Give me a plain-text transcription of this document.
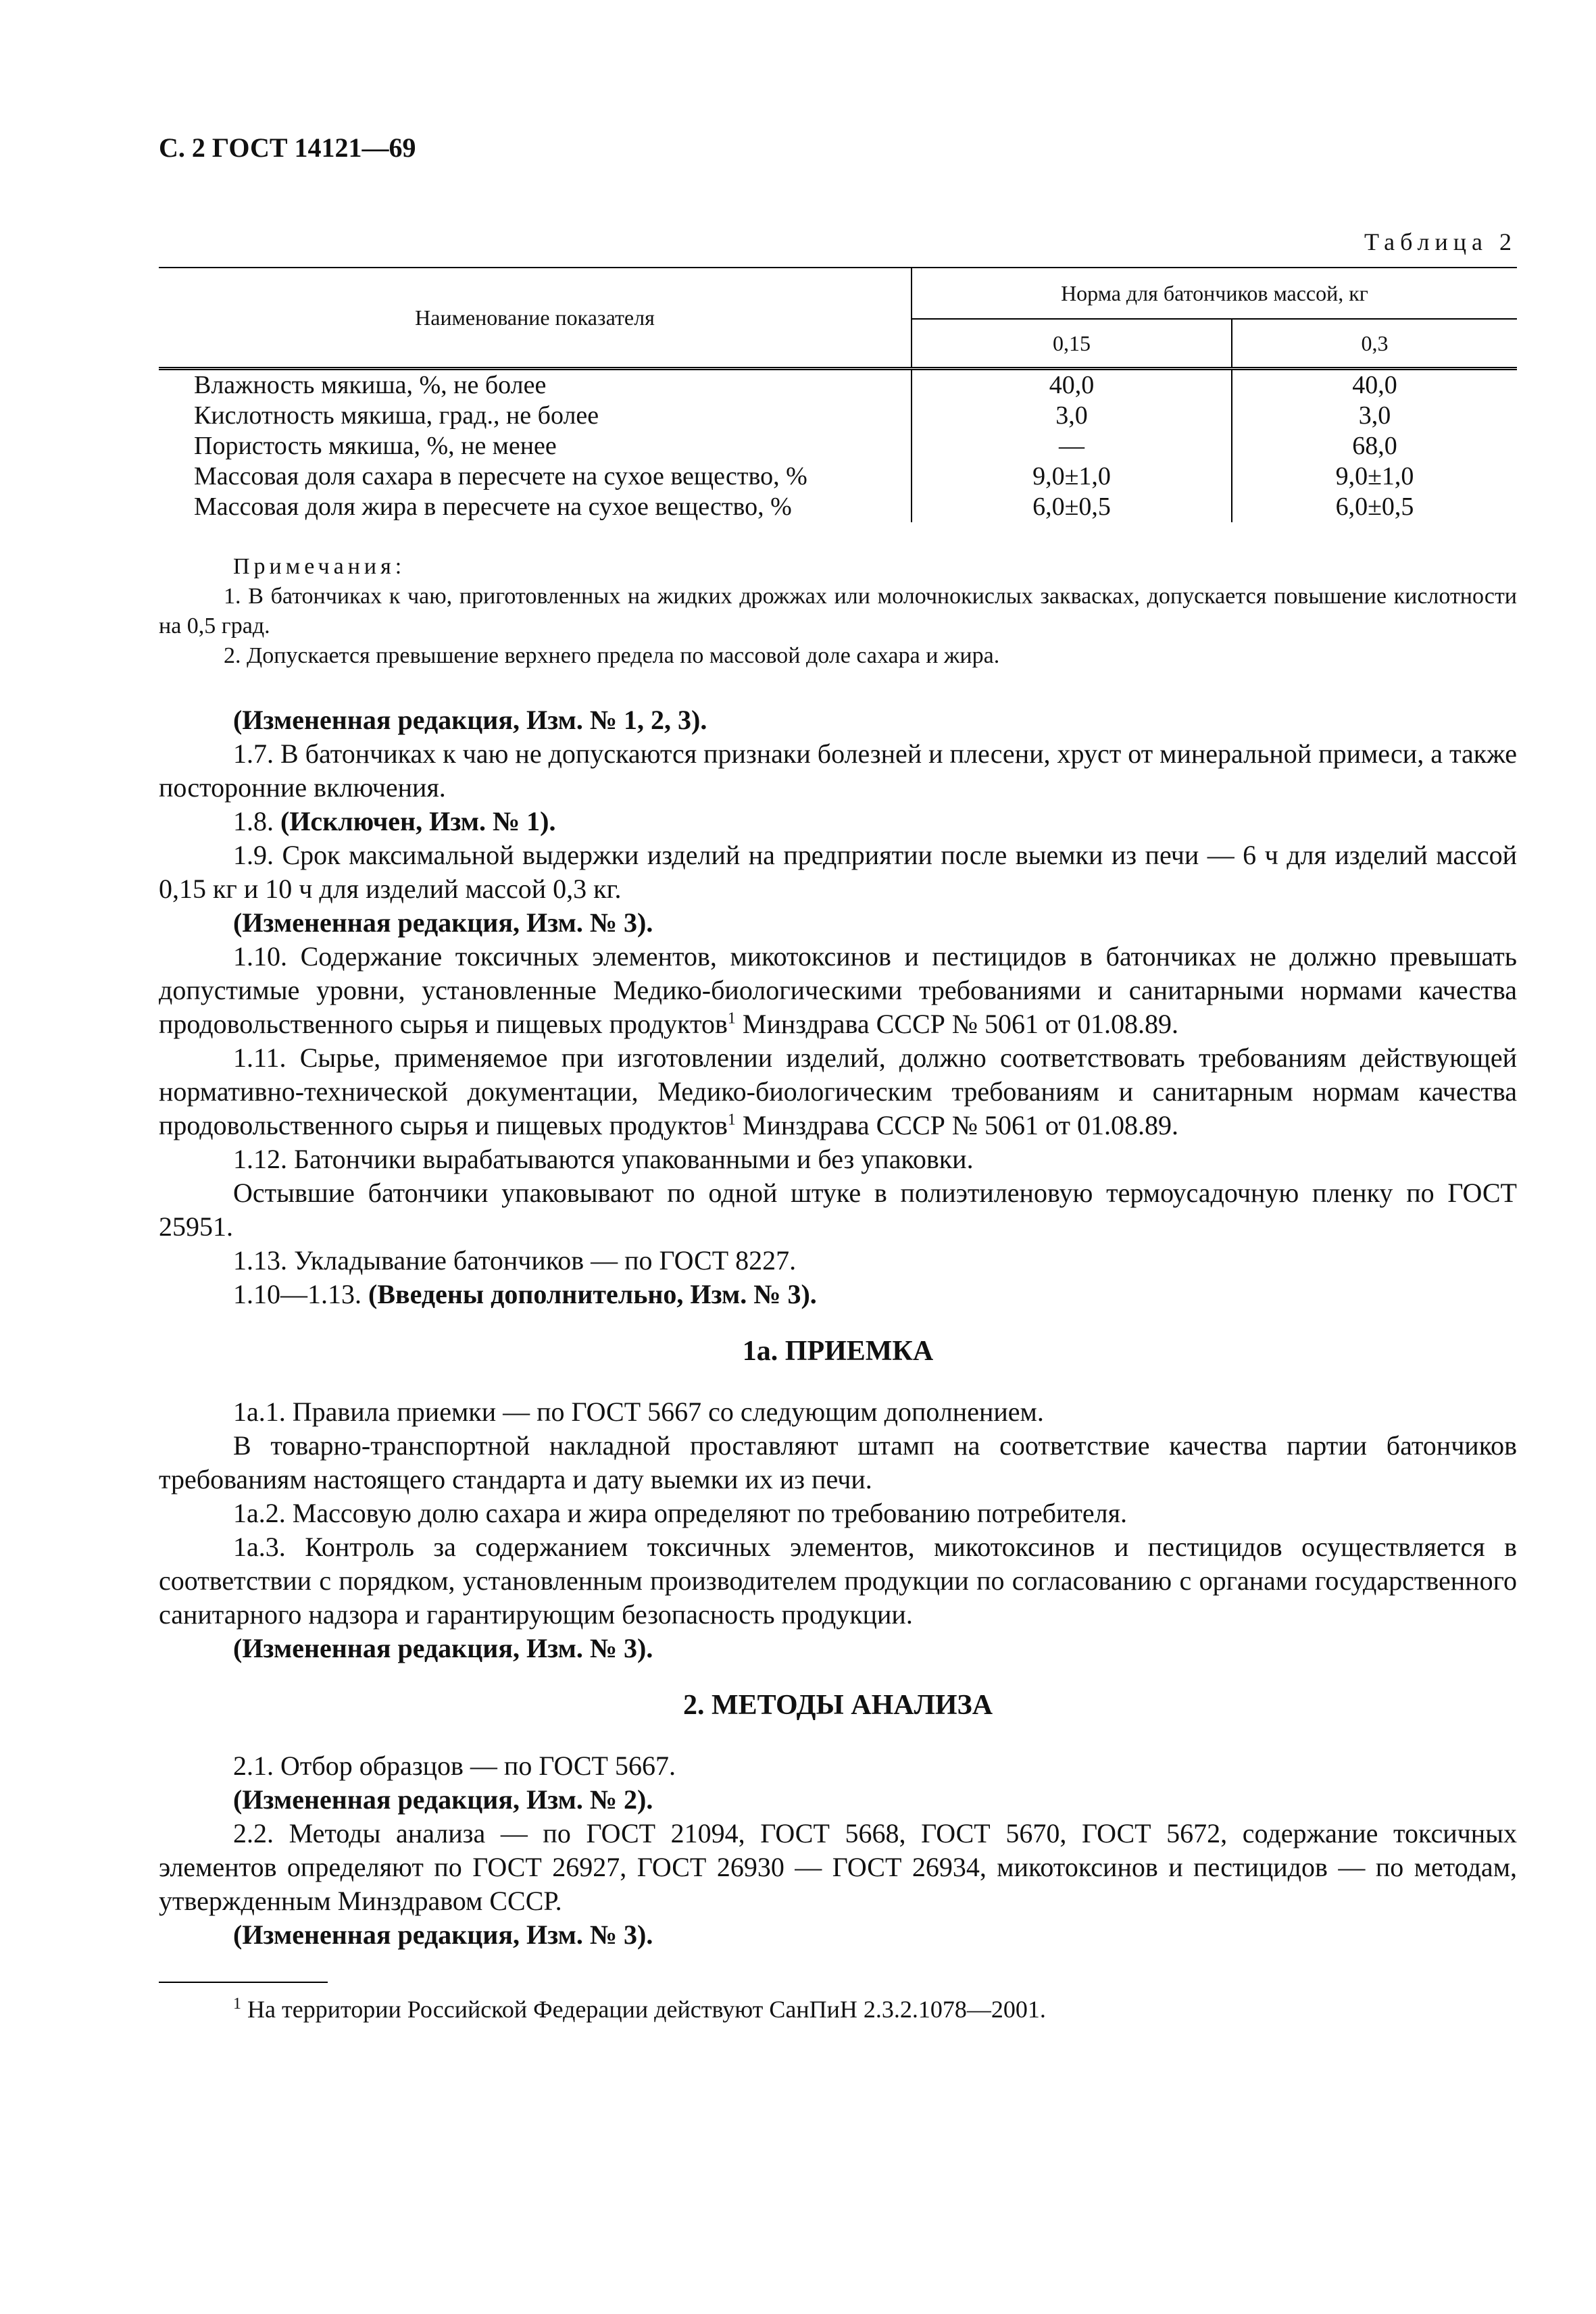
С. 2 ГОСТ 14121—69
Таблица 2
Наименование показателя	Норма для батончиков массой, кг	
	0,15	0,3
Влажность мякиша, %, не более	40,0	40,0
Кислотность мякиша, град., не более	3,0	3,0
Пористость мякиша, %, не менее	—	68,0
Массовая доля сахара в пересчете на сухое вещество, %	9,0±1,0	9,0±1,0
Массовая доля жира в пересчете на сухое вещество, %	6,0±0,5	6,0±0,5
Примечания:

1. В батончиках к чаю, приготовленных на жидких дрожжах или молочнокислых заквасках, допускается повышение кислотности на 0,5 град.

2. Допускается превышение верхнего предела по массовой доле сахара и жира.

(Измененная редакция, Изм. № 1, 2, 3).

1.7. В батончиках к чаю не допускаются признаки болезней и плесени, хруст от минеральной примеси, а также посторонние включения.

1.8. (Исключен, Изм. № 1).

1.9. Срок максимальной выдержки изделий на предприятии после выемки из печи — 6 ч для изделий массой 0,15 кг и 10 ч для изделий массой 0,3 кг.

(Измененная редакция, Изм. № 3).

1.10. Содержание токсичных элементов, микотоксинов и пестицидов в батончиках не должно превышать допустимые уровни, установленные Медико-биологическими требованиями и санитарными нормами качества продовольственного сырья и пищевых продуктов$^1$ Минздрава СССР № 5061 от 01.08.89.

1.11. Сырье, применяемое при изготовлении изделий, должно соответствовать требованиям действующей нормативно-технической документации, Медико-биологическим требованиям и санитарным нормам качества продовольственного сырья и пищевых продуктов$^1$ Минздрава СССР № 5061 от 01.08.89.

1.12. Батончики вырабатываются упакованными и без упаковки.

Остывшие батончики упаковывают по одной штуке в полиэтиленовую термоусадочную пленку по ГОСТ 25951.

1.13. Укладывание батончиков — по ГОСТ 8227.

1.10—1.13. (Введены дополнительно, Изм. № 3).

1а. ПРИЕМКА

1а.1. Правила приемки — по ГОСТ 5667 со следующим дополнением.

В товарно-транспортной накладной проставляют штамп на соответствие качества партии батончиков требованиям настоящего стандарта и дату выемки их из печи.

1а.2. Массовую долю сахара и жира определяют по требованию потребителя.

1а.3. Контроль за содержанием токсичных элементов, микотоксинов и пестицидов осуществляется в соответствии с порядком, установленным производителем продукции по согласованию с органами государственного санитарного надзора и гарантирующим безопасность продукции.

(Измененная редакция, Изм. № 3).

2. МЕТОДЫ АНАЛИЗА

2.1. Отбор образцов — по ГОСТ 5667.

(Измененная редакция, Изм. № 2).

2.2. Методы анализа — по ГОСТ 21094, ГОСТ 5668, ГОСТ 5670, ГОСТ 5672, содержание токсичных элементов определяют по ГОСТ 26927, ГОСТ 26930 — ГОСТ 26934, микотоксинов и пестицидов — по методам, утвержденным Минздравом СССР.

(Измененная редакция, Изм. № 3).

$^1$ На территории Российской Федерации действуют СанПиН 2.3.2.1078—2001.
